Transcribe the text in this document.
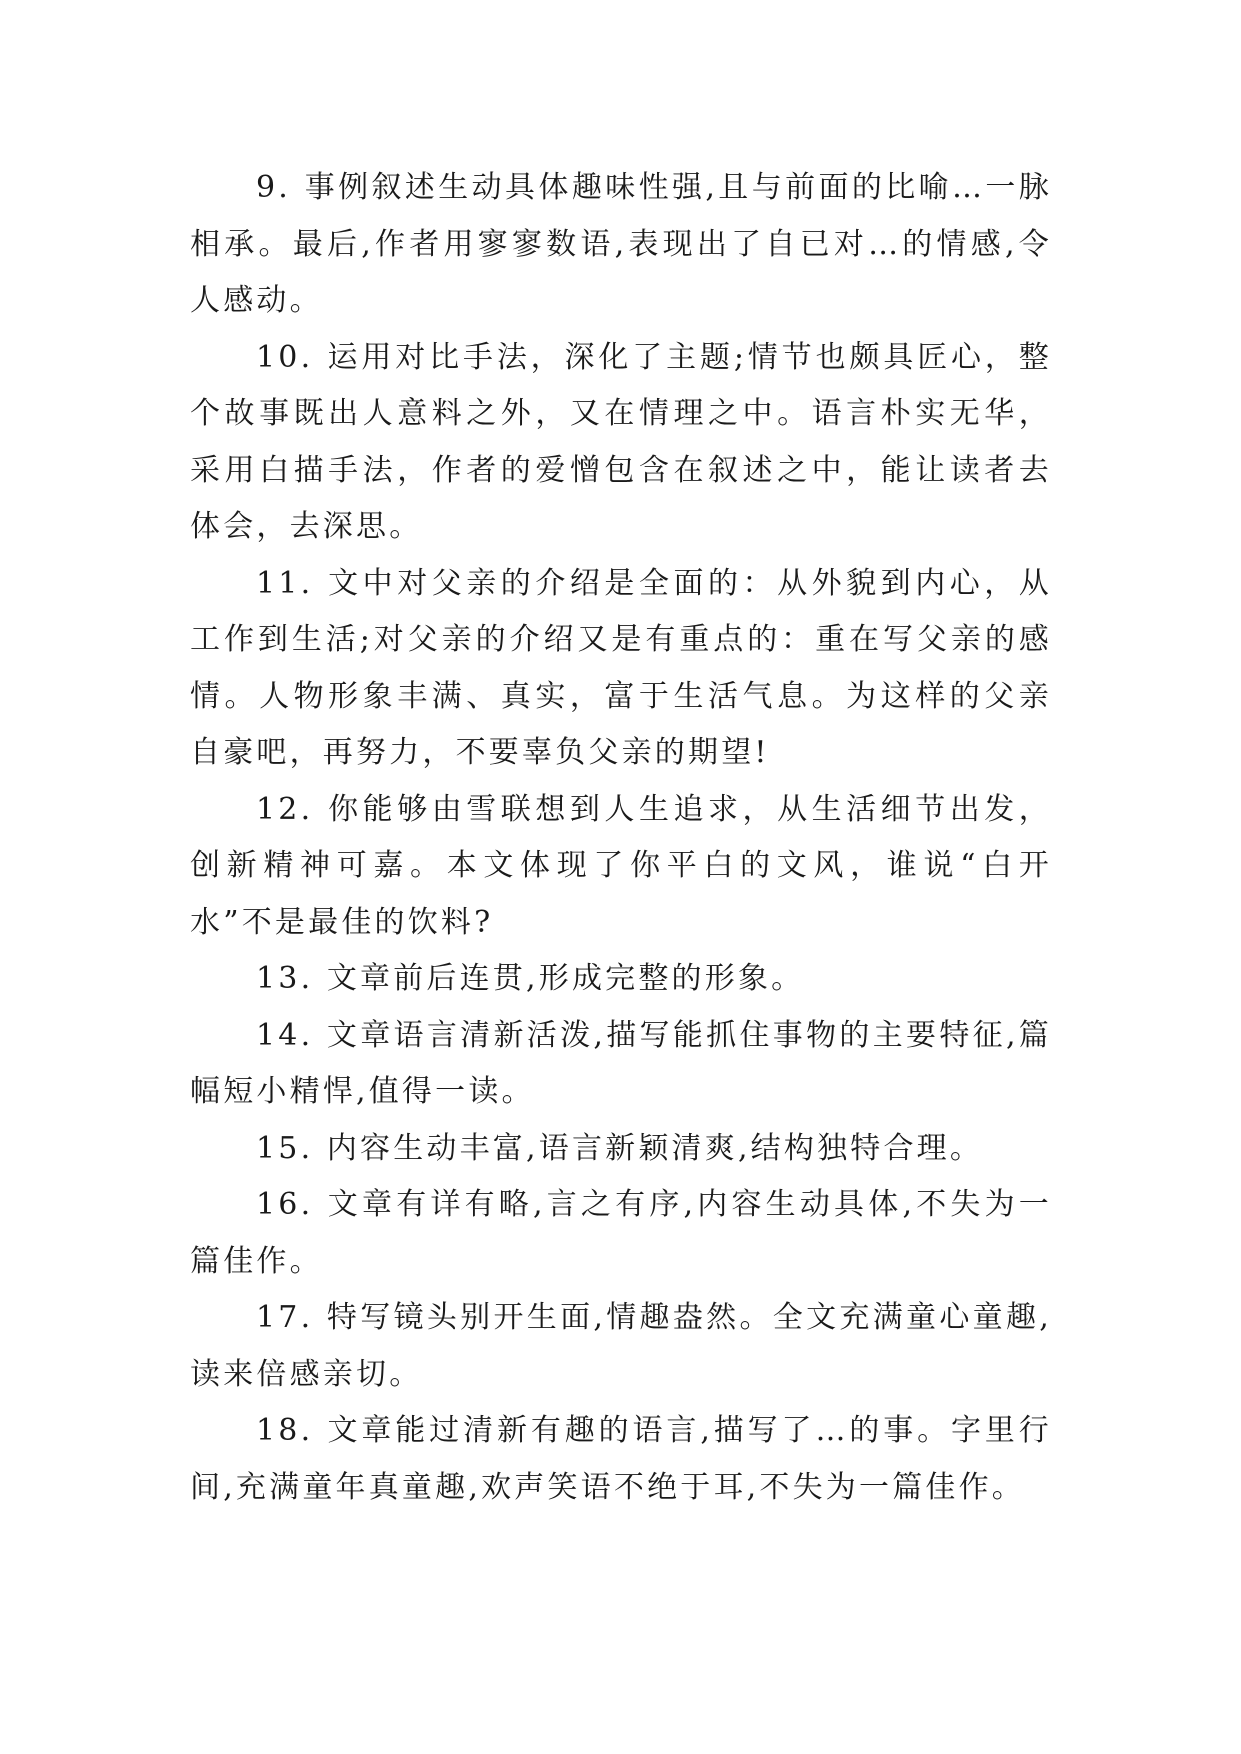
9. 事例叙述生动具体趣味性强,且与前面的比喻…一脉相承。最后,作者用寥寥数语,表现出了自已对…的情感,令人感动。

10. 运用对比手法，深化了主题;情节也颇具匠心，整个故事既出人意料之外，又在情理之中。语言朴实无华，采用白描手法，作者的爱憎包含在叙述之中，能让读者去体会，去深思。

11. 文中对父亲的介绍是全面的：从外貌到内心，从工作到生活;对父亲的介绍又是有重点的：重在写父亲的感情。人物形象丰满、真实，富于生活气息。为这样的父亲自豪吧，再努力，不要辜负父亲的期望!

12. 你能够由雪联想到人生追求，从生活细节出发，创新精神可嘉。本文体现了你平白的文风，谁说“白开水”不是最佳的饮料?

13. 文章前后连贯,形成完整的形象。

14. 文章语言清新活泼,描写能抓住事物的主要特征,篇幅短小精悍,值得一读。

15. 内容生动丰富,语言新颖清爽,结构独特合理。

16. 文章有详有略,言之有序,内容生动具体,不失为一篇佳作。

17. 特写镜头别开生面,情趣盎然。全文充满童心童趣,读来倍感亲切。

18. 文章能过清新有趣的语言,描写了…的事。字里行间,充满童年真童趣,欢声笑语不绝于耳,不失为一篇佳作。
